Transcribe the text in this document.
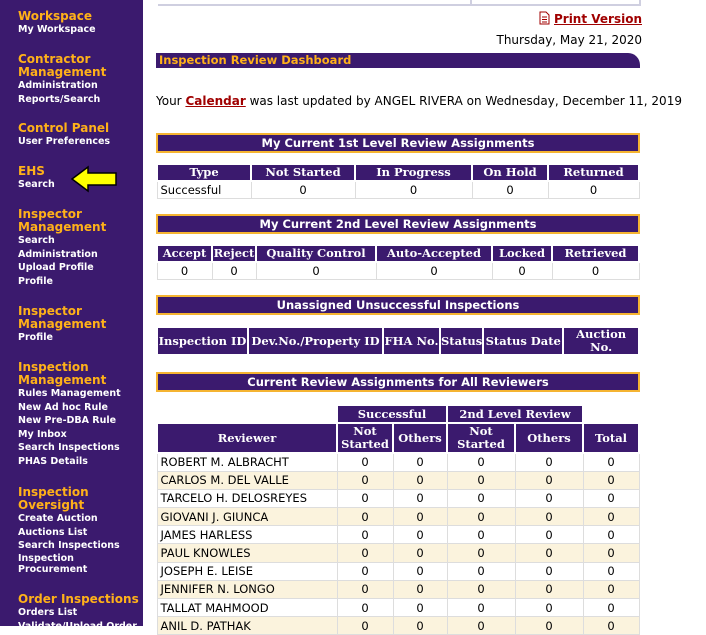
Workspace
My Workspace
Contractor Management
Administration
Reports/Search
Control Panel
User Preferences
EHS
Search
Inspector Management
Search
Administration
Upload Profile
Profile
Inspector Management
Profile
Inspection Management
Rules Management
New Ad hoc Rule
New Pre-DBA Rule
My Inbox
Search Inspections
PHAS Details
Inspection Oversight
Create Auction
Auctions List
Search Inspections
Inspection Procurement
Order Inspections
Orders List
Validate/Upload Order
Print Version
Thursday, May 21, 2020
Inspection Review Dashboard
Your Calendar was last updated by ANGEL RIVERA on Wednesday, December 11, 2019
My Current 1st Level Review Assignments
Type	Not Started	In Progress	On Hold	Returned
Successful	0	0	0	0
My Current 2nd Level Review Assignments
Accept	Reject	Quality Control	Auto-Accepted	Locked	Retrieved
0	0	0	0	0	0
Unassigned Unsuccessful Inspections
Inspection ID	Dev.No./Property ID	FHA No.	Status	Status Date	Auction No.
Current Review Assignments for All Reviewers
	Successful		2nd Level Review		
Reviewer	Not Started	Others	Not Started	Others	Total
ROBERT M. ALBRACHT	0	0	0	0	0
CARLOS M. DEL VALLE	0	0	0	0	0
TARCELO H. DELOSREYES	0	0	0	0	0
GIOVANI J. GIUNCA	0	0	0	0	0
JAMES HARLESS	0	0	0	0	0
PAUL KNOWLES	0	0	0	0	0
JOSEPH E. LEISE	0	0	0	0	0
JENNIFER N. LONGO	0	0	0	0	0
TALLAT MAHMOOD	0	0	0	0	0
ANIL D. PATHAK	0	0	0	0	0
